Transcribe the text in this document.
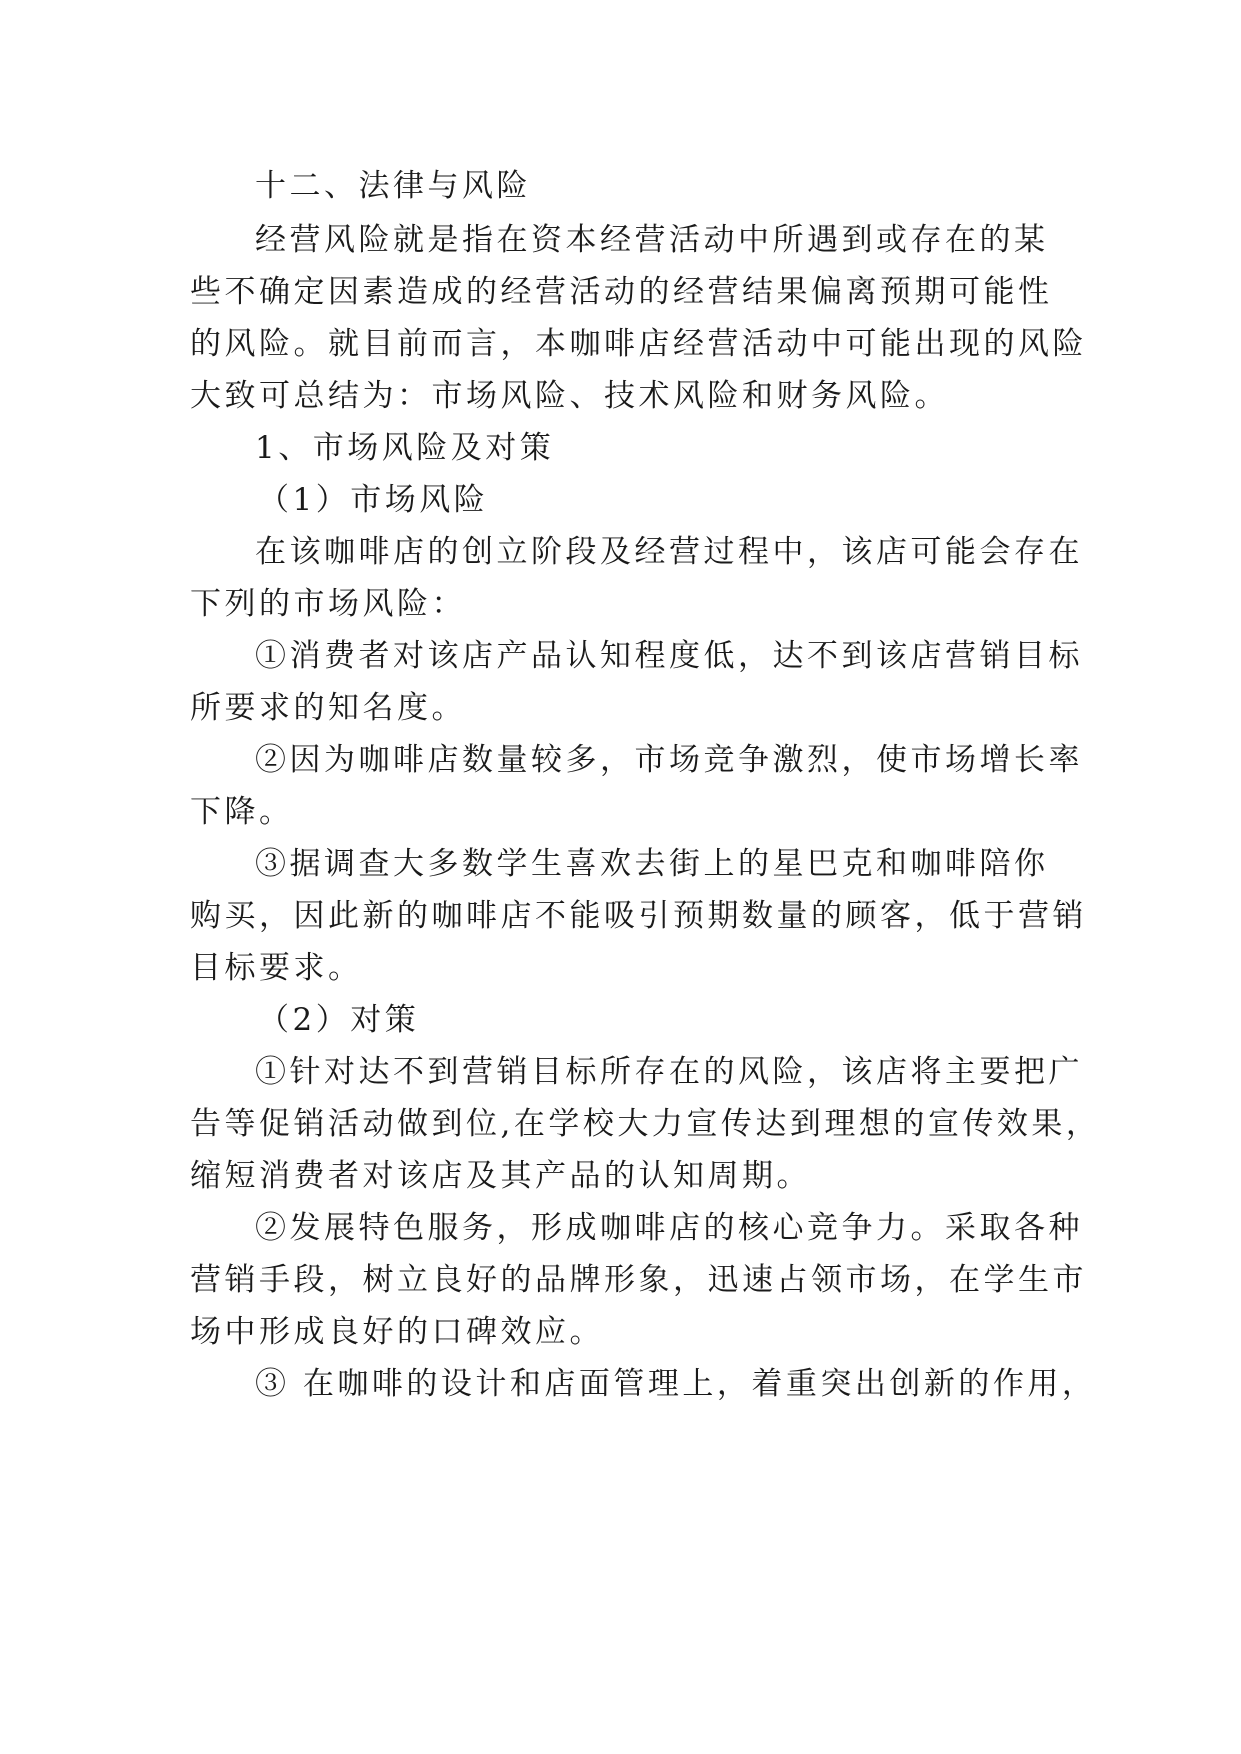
十二、法律与风险
经营风险就是指在资本经营活动中所遇到或存在的某
些不确定因素造成的经营活动的经营结果偏离预期可能性
的风险。就目前而言，本咖啡店经营活动中可能出现的风险
大致可总结为：市场风险、技术风险和财务风险。
1、市场风险及对策
（1）市场风险
在该咖啡店的创立阶段及经营过程中，该店可能会存在
下列的市场风险：
①消费者对该店产品认知程度低，达不到该店营销目标
所要求的知名度。
②因为咖啡店数量较多，市场竞争激烈，使市场增长率
下降。
③据调查大多数学生喜欢去街上的星巴克和咖啡陪你
购买，因此新的咖啡店不能吸引预期数量的顾客，低于营销
目标要求。
（2）对策
①针对达不到营销目标所存在的风险，该店将主要把广
告等促销活动做到位,在学校大力宣传达到理想的宣传效果，
缩短消费者对该店及其产品的认知周期。
②发展特色服务，形成咖啡店的核心竞争力。采取各种
营销手段，树立良好的品牌形象，迅速占领市场，在学生市
场中形成良好的口碑效应。
③ 在咖啡的设计和店面管理上，着重突出创新的作用，
